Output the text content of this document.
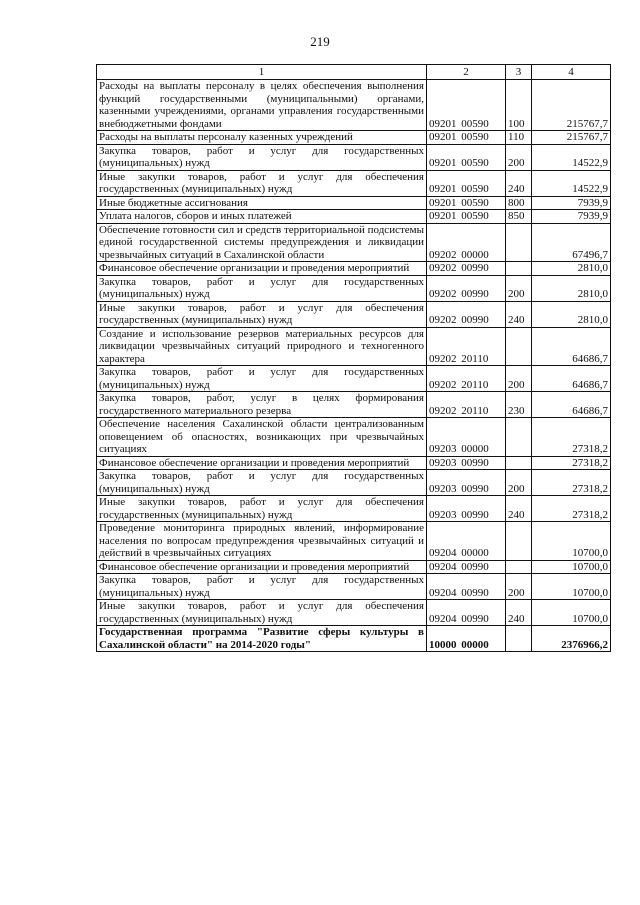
219
1	2	3	4
Расходы на выплаты персоналу в целях обеспечения выполнения функций государственными (муниципальными) органами, казенными учреждениями, органами управления государственными внебюджетными фондами	09201 00590	100	215767,7
Расходы на выплаты персоналу казенных учреждений	09201 00590	110	215767,7
Закупка товаров, работ и услуг для государственных (муниципальных) нужд	09201 00590	200	14522,9
Иные закупки товаров, работ и услуг для обеспечения государственных (муниципальных) нужд	09201 00590	240	14522,9
Иные бюджетные ассигнования	09201 00590	800	7939,9
Уплата налогов, сборов и иных платежей	09201 00590	850	7939,9
Обеспечение готовности сил и средств территориальной подсистемы единой государственной системы предупреждения и ликвидации чрезвычайных ситуаций в Сахалинской области	09202 00000		67496,7
Финансовое обеспечение организации и проведения мероприятий	09202 00990		2810,0
Закупка товаров, работ и услуг для государственных (муниципальных) нужд	09202 00990	200	2810,0
Иные закупки товаров, работ и услуг для обеспечения государственных (муниципальных) нужд	09202 00990	240	2810,0
Создание и использование резервов материальных ресурсов для ликвидации чрезвычайных ситуаций природного и техногенного характера	09202 20110		64686,7
Закупка товаров, работ и услуг для государственных (муниципальных) нужд	09202 20110	200	64686,7
Закупка товаров, работ, услуг в целях формирования государственного материального резерва	09202 20110	230	64686,7
Обеспечение населения Сахалинской области централизованным оповещением об опасностях, возникающих при чрезвычайных ситуациях	09203 00000		27318,2
Финансовое обеспечение организации и проведения мероприятий	09203 00990		27318,2
Закупка товаров, работ и услуг для государственных (муниципальных) нужд	09203 00990	200	27318,2
Иные закупки товаров, работ и услуг для обеспечения государственных (муниципальных) нужд	09203 00990	240	27318,2
Проведение мониторинга природных явлений, информирование населения по вопросам предупреждения чрезвычайных ситуаций и действий в чрезвычайных ситуациях	09204 00000		10700,0
Финансовое обеспечение организации и проведения мероприятий	09204 00990		10700,0
Закупка товаров, работ и услуг для государственных (муниципальных) нужд	09204 00990	200	10700,0
Иные закупки товаров, работ и услуг для обеспечения государственных (муниципальных) нужд	09204 00990	240	10700,0
Государственная программа "Развитие сферы культуры в Сахалинской области" на 2014-2020 годы"	10000 00000		2376966,2
